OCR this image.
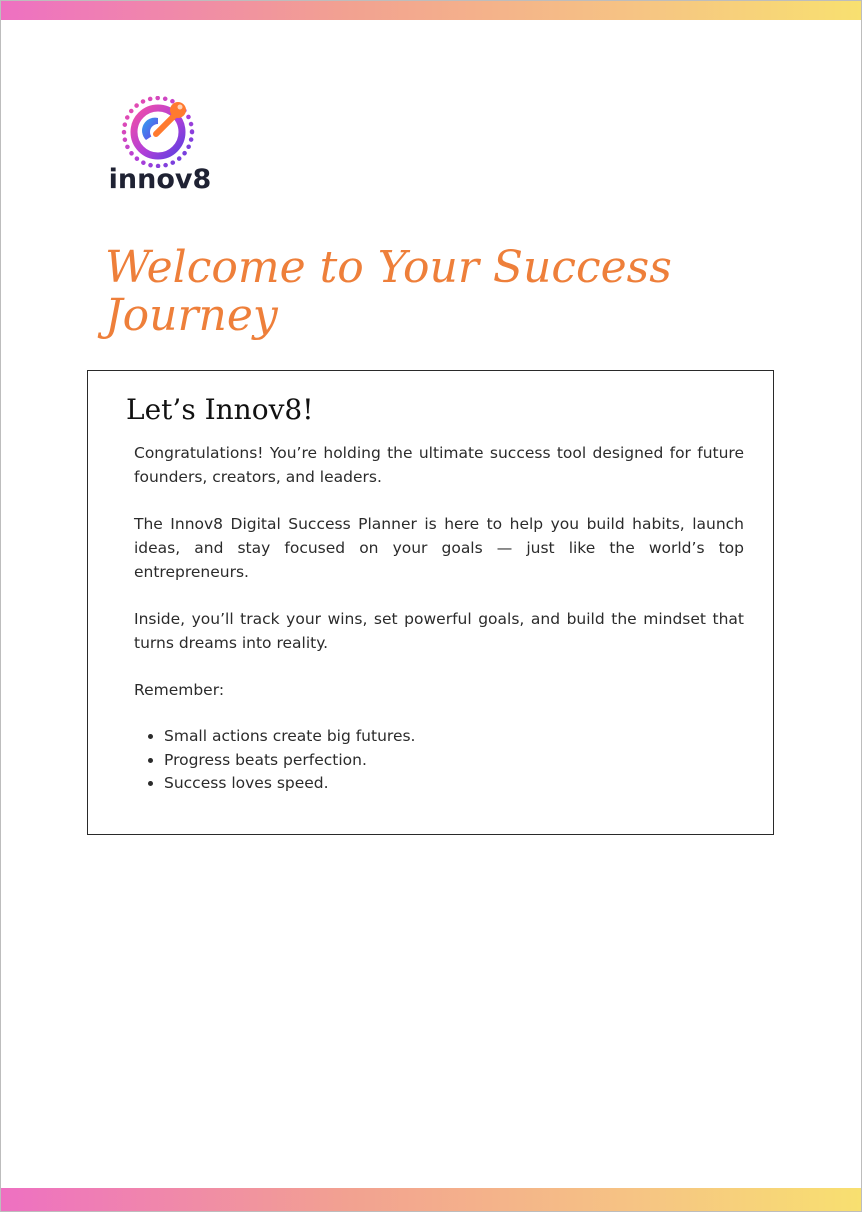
innov8
Welcome to Your Success Journey
Let’s Innov8!

Congratulations! You’re holding the ultimate success tool designed for future founders, creators, and leaders.

The Innov8 Digital Success Planner is here to help you build habits, launch ideas, and stay focused on your goals — just like the world’s top entrepreneurs.

Inside, you’ll track your wins, set powerful goals, and build the mindset that turns dreams into reality.

Remember:

• Small actions create big futures.
• Progress beats perfection.
• Success loves speed.
